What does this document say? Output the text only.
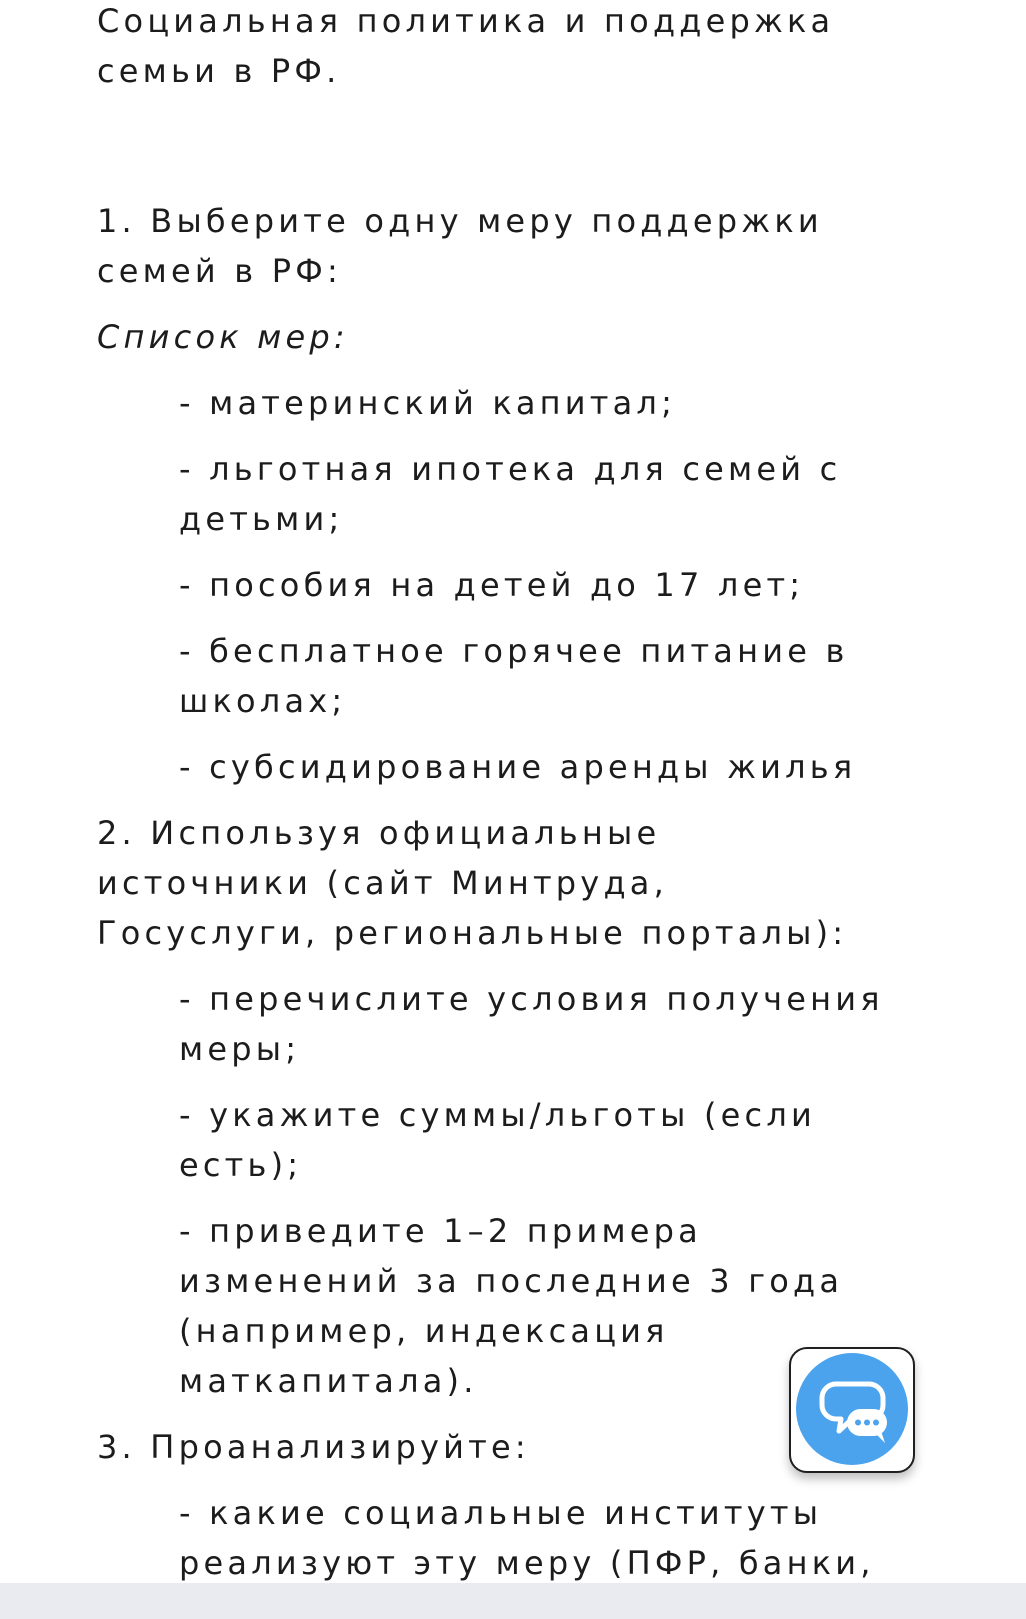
Социальная политика и поддержка
семьи в РФ.
1. Выберите одну меру поддержки
семей в РФ:
Список мер:
- материнский капитал;
- льготная ипотека для семей с
детьми;
- пособия на детей до 17 лет;
- бесплатное горячее питание в
школах;
- субсидирование аренды жилья
2. Используя официальные
источники (сайт Минтруда,
Госуслуги, региональные порталы):
- перечислите условия получения
меры;
- укажите суммы/льготы (если
есть);
- приведите 1–2 примера
изменений за последние 3 года
(например, индексация
маткапитала).
3. Проанализируйте:
- какие социальные институты
реализуют эту меру (ПФР, банки,
